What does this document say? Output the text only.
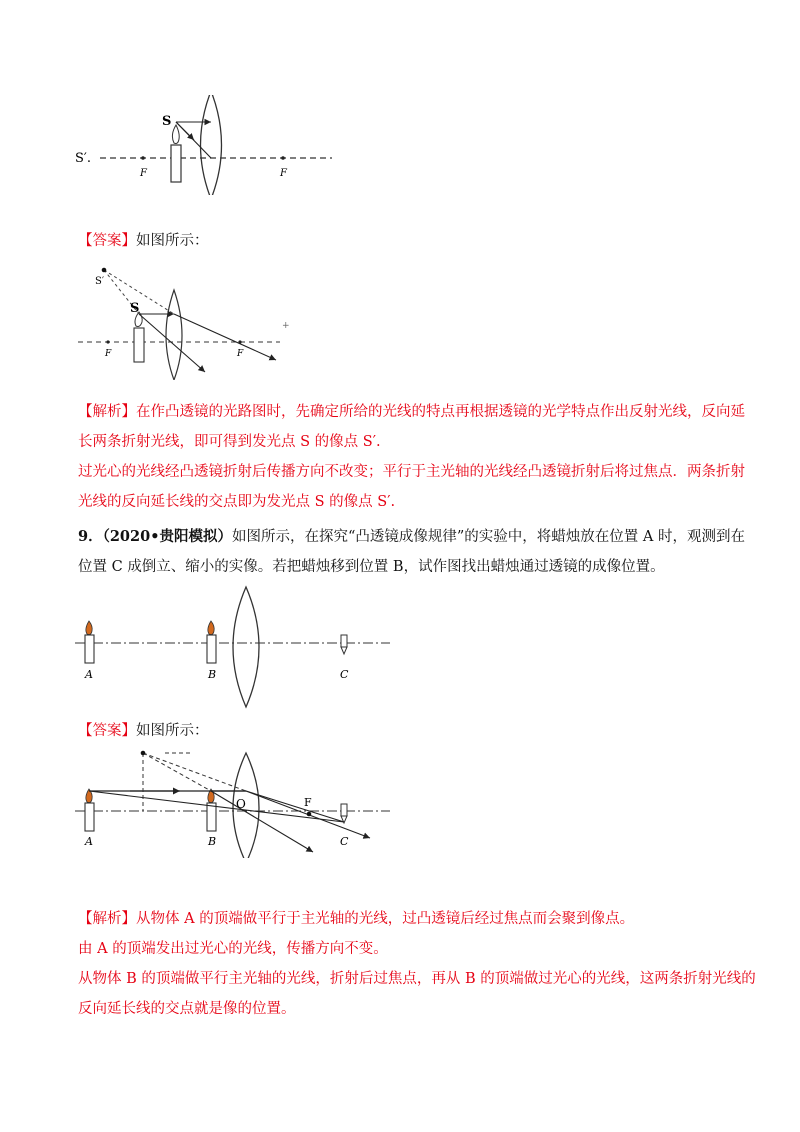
F	F
S
S′.
【答案】如图所示：
S′
S
F	F
+
【解析】在作凸透镜的光路图时，先确定所给的光线的特点再根据透镜的光学特点作出反射光线，反向延
长两条折射光线，即可得到发光点 S 的像点 S′.
过光心的光线经凸透镜折射后传播方向不改变；平行于主光轴的光线经凸透镜折射后将过焦点．两条折射
光线的反向延长线的交点即为发光点 S 的像点 S′.
9．（2020•贵阳模拟）如图所示，在探究“凸透镜成像规律”的实验中，将蜡烛放在位置 A 时，观测到在
位置 C 成倒立、缩小的实像。若把蜡烛移到位置 B，试作图找出蜡烛通过透镜的成像位置。
A	B	C
【答案】如图所示：
A	B	C
O	F
【解析】从物体 A 的顶端做平行于主光轴的光线，过凸透镜后经过焦点而会聚到像点。
由 A 的顶端发出过光心的光线，传播方向不变。
从物体 B 的顶端做平行主光轴的光线，折射后过焦点，再从 B 的顶端做过光心的光线，这两条折射光线的
反向延长线的交点就是像的位置。
